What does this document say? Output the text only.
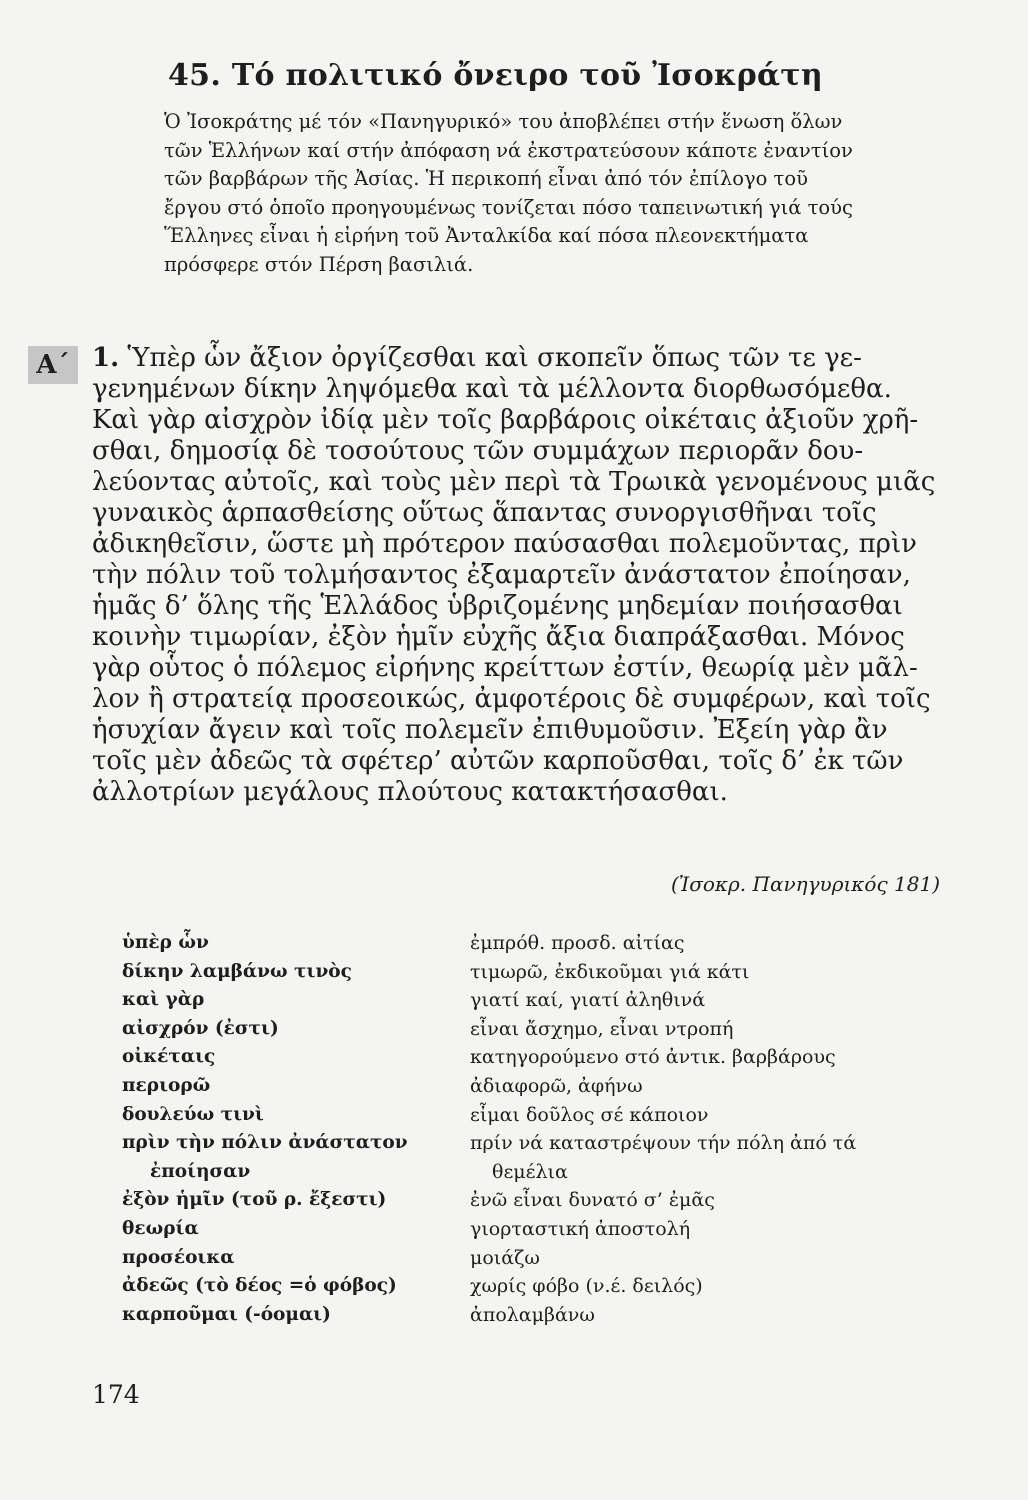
45. Τό πολιτικό ὄνειρο τοῦ Ἰσοκράτη
Ὁ Ἰσοκράτης μέ τόν «Πανηγυρικό» του ἀποβλέπει στήν ἕνωση ὅλων
τῶν Ἑλλήνων καί στήν ἀπόφαση νά ἐκστρατεύσουν κάποτε ἐναντίον
τῶν βαρβάρων τῆς Ἀσίας. Ἡ περικοπή εἶναι ἀπό τόν ἐπίλογο τοῦ
ἔργου στό ὁποῖο προηγουμένως τονίζεται πόσο ταπεινωτική γιά τούς
Ἕλληνες εἶναι ἡ εἰρήνη τοῦ Ἀνταλκίδα καί πόσα πλεονεκτήματα
πρόσφερε στόν Πέρση βασιλιά.
Α΄ 1. Ὑπὲρ ὧν ἄξιον ὀργίζεσθαι καὶ σκοπεῖν ὅπως τῶν τε γε-
γενημένων δίκην ληψόμεθα καὶ τὰ μέλλοντα διορθωσόμεθα.
Καὶ γὰρ αἰσχρὸν ἰδίᾳ μὲν τοῖς βαρβάροις οἰκέταις ἀξιοῦν χρῆ-
σθαι, δημοσίᾳ δὲ τοσούτους τῶν συμμάχων περιορᾶν δου-
λεύοντας αὐτοῖς, καὶ τοὺς μὲν περὶ τὰ Τρωικὰ γενομένους μιᾶς
γυναικὸς ἁρπασθείσης οὕτως ἅπαντας συνοργισθῆναι τοῖς
ἀδικηθεῖσιν, ὥστε μὴ πρότερον παύσασθαι πολεμοῦντας, πρὶν
τὴν πόλιν τοῦ τολμήσαντος ἐξαμαρτεῖν ἀνάστατον ἐποίησαν,
ἡμᾶς δ’ ὅλης τῆς Ἑλλάδος ὑβριζομένης μηδεμίαν ποιήσασθαι
κοινὴν τιμωρίαν, ἐξὸν ἡμῖν εὐχῆς ἄξια διαπράξασθαι. Μόνος
γὰρ οὗτος ὁ πόλεμος εἰρήνης κρείττων ἐστίν, θεωρίᾳ μὲν μᾶλ-
λον ἢ στρατείᾳ προσεοικώς, ἀμφοτέροις δὲ συμφέρων, καὶ τοῖς
ἡσυχίαν ἄγειν καὶ τοῖς πολεμεῖν ἐπιθυμοῦσιν. Ἐξείη γὰρ ἂν
τοῖς μὲν ἀδεῶς τὰ σφέτερ’ αὐτῶν καρποῦσθαι, τοῖς δ’ ἐκ τῶν
ἀλλοτρίων μεγάλους πλούτους κατακτήσασθαι.
(Ἰσοκρ. Πανηγυρικός 181)
ὑπὲρ ὧν	ἐμπρόθ. προσδ. αἰτίας
δίκην λαμβάνω τινὸς	τιμωρῶ, ἐκδικοῦμαι γιά κάτι
καὶ γὰρ	γιατί καί, γιατί ἀληθινά
αἰσχρόν (ἐστι)	εἶναι ἄσχημο, εἶναι ντροπή
οἰκέταις	κατηγορούμενο στό ἀντικ. βαρβάρους
περιορῶ	ἀδιαφορῶ, ἀφήνω
δουλεύω τινὶ	εἶμαι δοῦλος σέ κάποιον
πρὶν τὴν πόλιν ἀνάστατον	πρίν νά καταστρέψουν τήν πόλη ἀπό τά
ἐποίησαν	θεμέλια
ἐξὸν ἡμῖν (τοῦ ρ. ἔξεστι)	ἐνῶ εἶναι δυνατό σ’ ἐμᾶς
θεωρία	γιορταστική ἀποστολή
προσέοικα	μοιάζω
ἀδεῶς (τὸ δέος =ὁ φόβος)	χωρίς φόβο (ν.έ. δειλός)
καρποῦμαι (-όομαι)	ἀπολαμβάνω
174
